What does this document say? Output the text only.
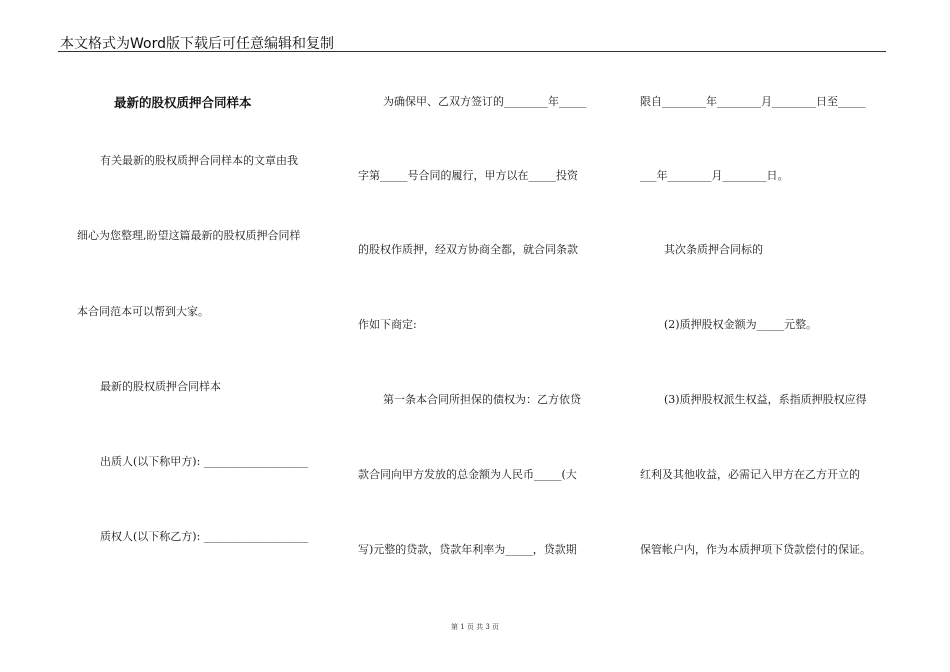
本文格式为Word版下载后可任意编辑和复制
最新的股权质押合同样本
有关最新的股权质押合同样本的文章由我
细心为您整理,盼望这篇最新的股权质押合同样
本合同范本可以帮到大家。
最新的股权质押合同样本
出质人(以下称甲方): ___________________
质权人(以下称乙方): ___________________
为确保甲、乙双方签订的________年_____
字第_____号合同的履行，甲方以在_____投资
的股权作质押，经双方协商全都，就合同条款
作如下商定:
第一条本合同所担保的债权为：乙方依贷
款合同向甲方发放的总金额为人民币_____(大
写)元整的贷款，贷款年利率为_____，贷款期
限自________年________月________日至_____
___年________月________日。
其次条质押合同标的
(2)质押股权金额为_____元整。
(3)质押股权派生权益，系指质押股权应得
红利及其他收益，必需记入甲方在乙方开立的
保管帐户内，作为本质押项下贷款偿付的保证。
第 1 页 共 3 页
